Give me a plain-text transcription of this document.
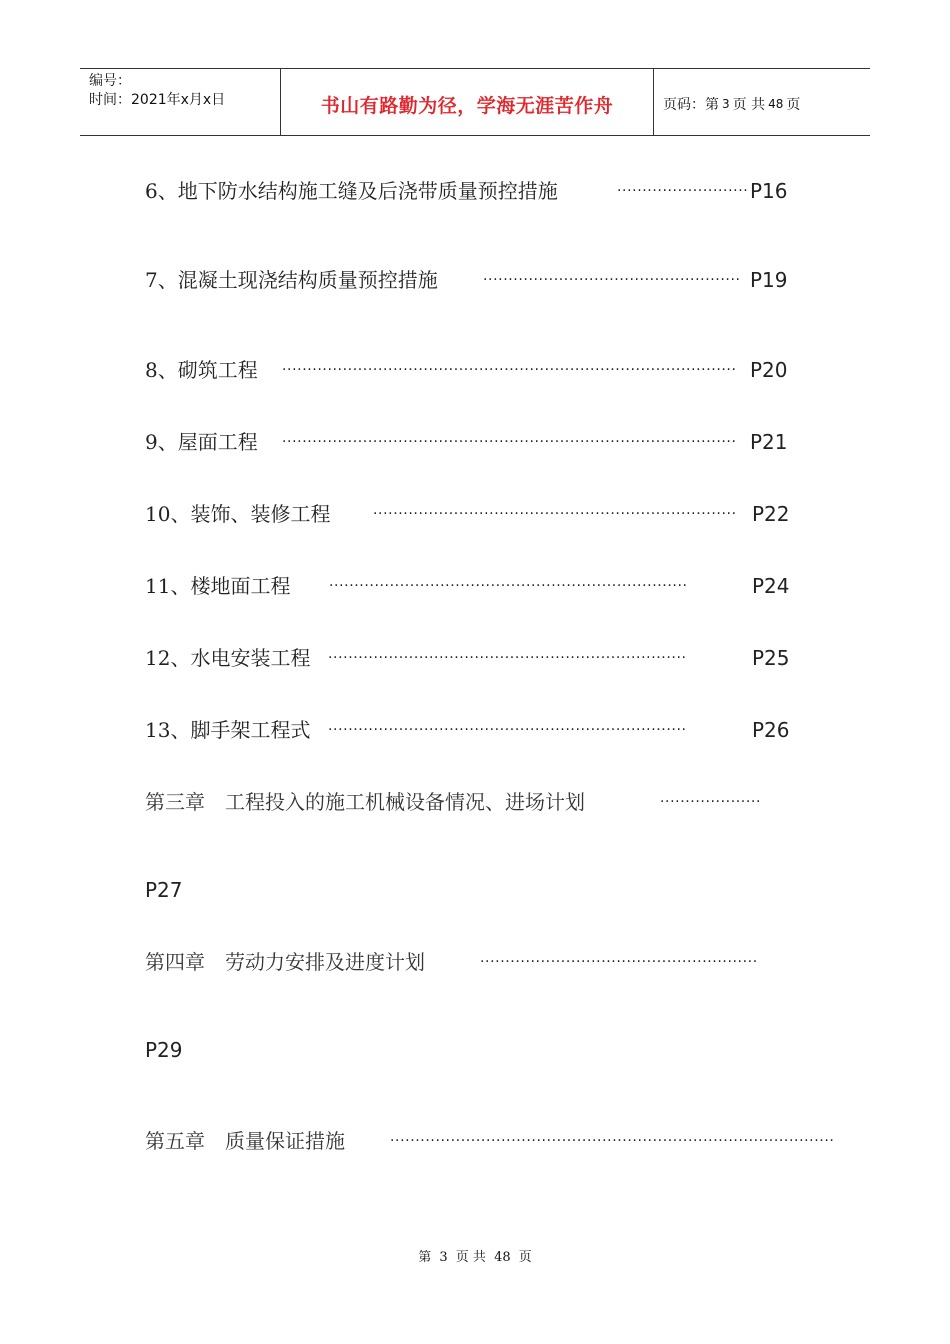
编号：
时间：2021年x月x日	书山有路勤为径，学海无涯苦作舟	页码：第 3 页 共 48 页
6、地下防水结构施工缝及后浇带质量预控措施	·························· P16
7、混凝土现浇结构质量预控措施	··················································· P19
8、砌筑工程 ·························································································· P20
9、屋面工程 ·························································································· P21
10、装饰、装修工程	········································································ P22
11、楼地面工程	·······································································	P24
12、水电安装工程 ·······································································	P25
13、脚手架工程式 ·······································································	P26
第三章　工程投入的施工机械设备情况、进场计划	····················
P27
第四章　劳动力安排及进度计划	·······················································
P29
第五章　质量保证措施	························································································
第 3 页 共 48 页
